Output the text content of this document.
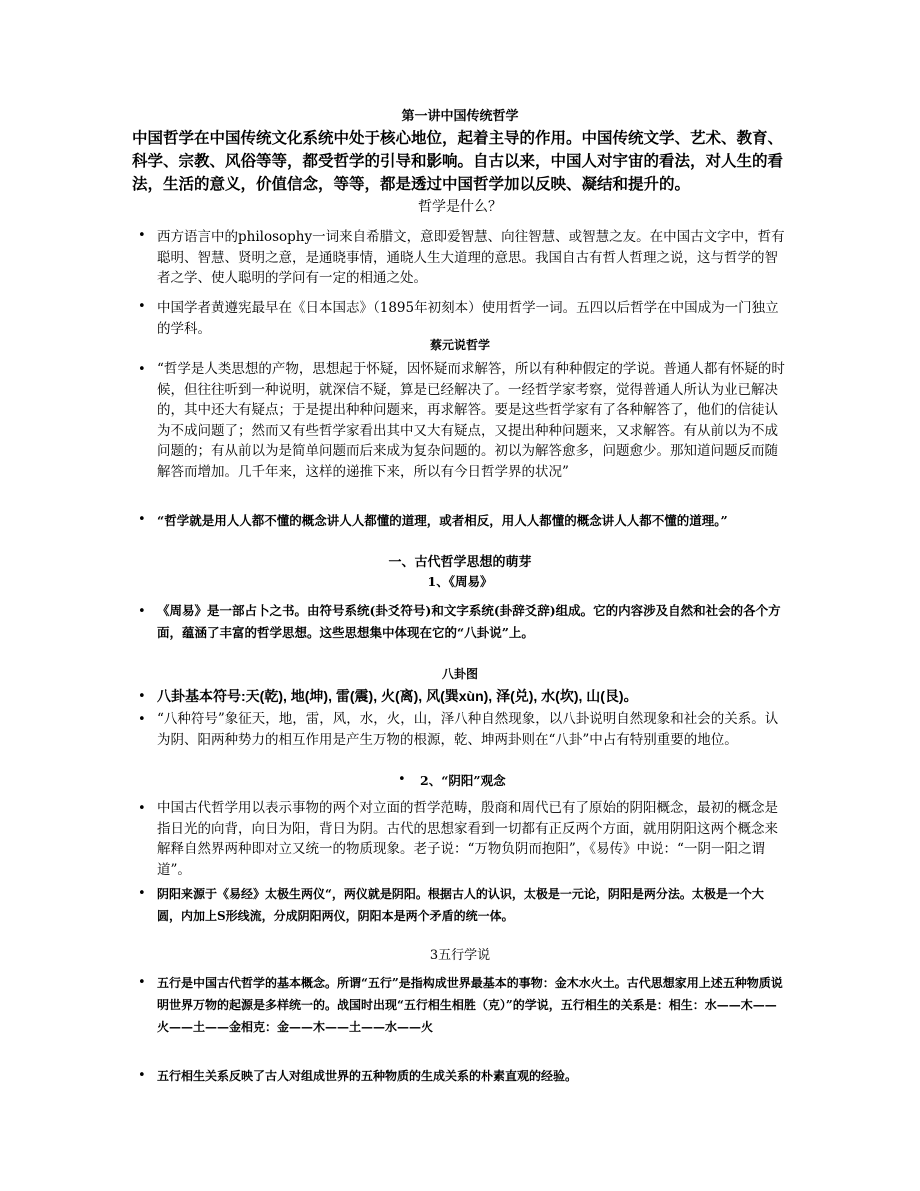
第一讲中国传统哲学
中国哲学在中国传统文化系统中处于核心地位，起着主导的作用。中国传统文学、艺术、教育、科学、宗教、风俗等等，都受哲学的引导和影响。自古以来，中国人对宇宙的看法，对人生的看法，生活的意义，价值信念，等等，都是透过中国哲学加以反映、凝结和提升的。
哲学是什么？
• 西方语言中的philosophy一词来自希腊文，意即爱智慧、向往智慧、或智慧之友。在中国古文字中，哲有聪明、智慧、贤明之意，是通晓事情，通晓人生大道理的意思。我国自古有哲人哲理之说，这与哲学的智者之学、使人聪明的学问有一定的相通之处。
• 中国学者黄遵宪最早在《日本国志》（1895年初刻本）使用哲学一词。五四以后哲学在中国成为一门独立的学科。
蔡元说哲学
• “哲学是人类思想的产物，思想起于怀疑，因怀疑而求解答，所以有种种假定的学说。普通人都有怀疑的时候，但往往听到一种说明，就深信不疑，算是已经解决了。一经哲学家考察，觉得普通人所认为业已解决的，其中还大有疑点；于是提出种种问题来，再求解答。要是这些哲学家有了各种解答了，他们的信徒认为不成问题了；然而又有些哲学家看出其中又大有疑点，又提出种种问题来，又求解答。有从前以为不成问题的；有从前以为是简单问题而后来成为复杂问题的。初以为解答愈多，问题愈少。那知道问题反而随解答而增加。几千年来，这样的递推下来，所以有今日哲学界的状况”
• “哲学就是用人人都不懂的概念讲人人都懂的道理，或者相反，用人人都懂的概念讲人人都不懂的道理。”
一、古代哲学思想的萌芽
1、《周易》
• 《周易》是一部占卜之书。由符号系统(卦爻符号)和文字系统(卦辞爻辞)组成。它的内容涉及自然和社会的各个方面，蕴涵了丰富的哲学思想。这些思想集中体现在它的“八卦说”上。
八卦图
• 八卦基本符号:天(乾), 地(坤), 雷(震), 火(离), 风(巽xùn), 泽(兑), 水(坎), 山(艮)。
• “八种符号”象征天，地，雷，风，水，火，山，泽八种自然现象，以八卦说明自然现象和社会的关系。认为阴、阳两种势力的相互作用是产生万物的根源，乾、坤两卦则在“八卦”中占有特别重要的地位。
• 2、“阴阳”观念
• 中国古代哲学用以表示事物的两个对立面的哲学范畴，殷商和周代已有了原始的阴阳概念，最初的概念是指日光的向背，向日为阳，背日为阴。古代的思想家看到一切都有正反两个方面，就用阴阳这两个概念来解释自然界两种即对立又统一的物质现象。老子说：“万物负阴而抱阳”，《易传》中说：“一阴一阳之谓道”。
• 阴阳来源于《易经》太极生两仪“，两仪就是阴阳。根据古人的认识，太极是一元论，阴阳是两分法。太极是一个大圆，内加上S形线流，分成阴阳两仪，阴阳本是两个矛盾的统一体。
3五行学说
• 五行是中国古代哲学的基本概念。所谓“五行”是指构成世界最基本的事物：金木水火土。古代思想家用上述五种物质说明世界万物的起源是多样统一的。战国时出现“五行相生相胜（克）”的学说，五行相生的关系是：相生：水——木——火——土——金相克：金——木——土——水——火
• 五行相生关系反映了古人对组成世界的五种物质的生成关系的朴素直观的经验。
